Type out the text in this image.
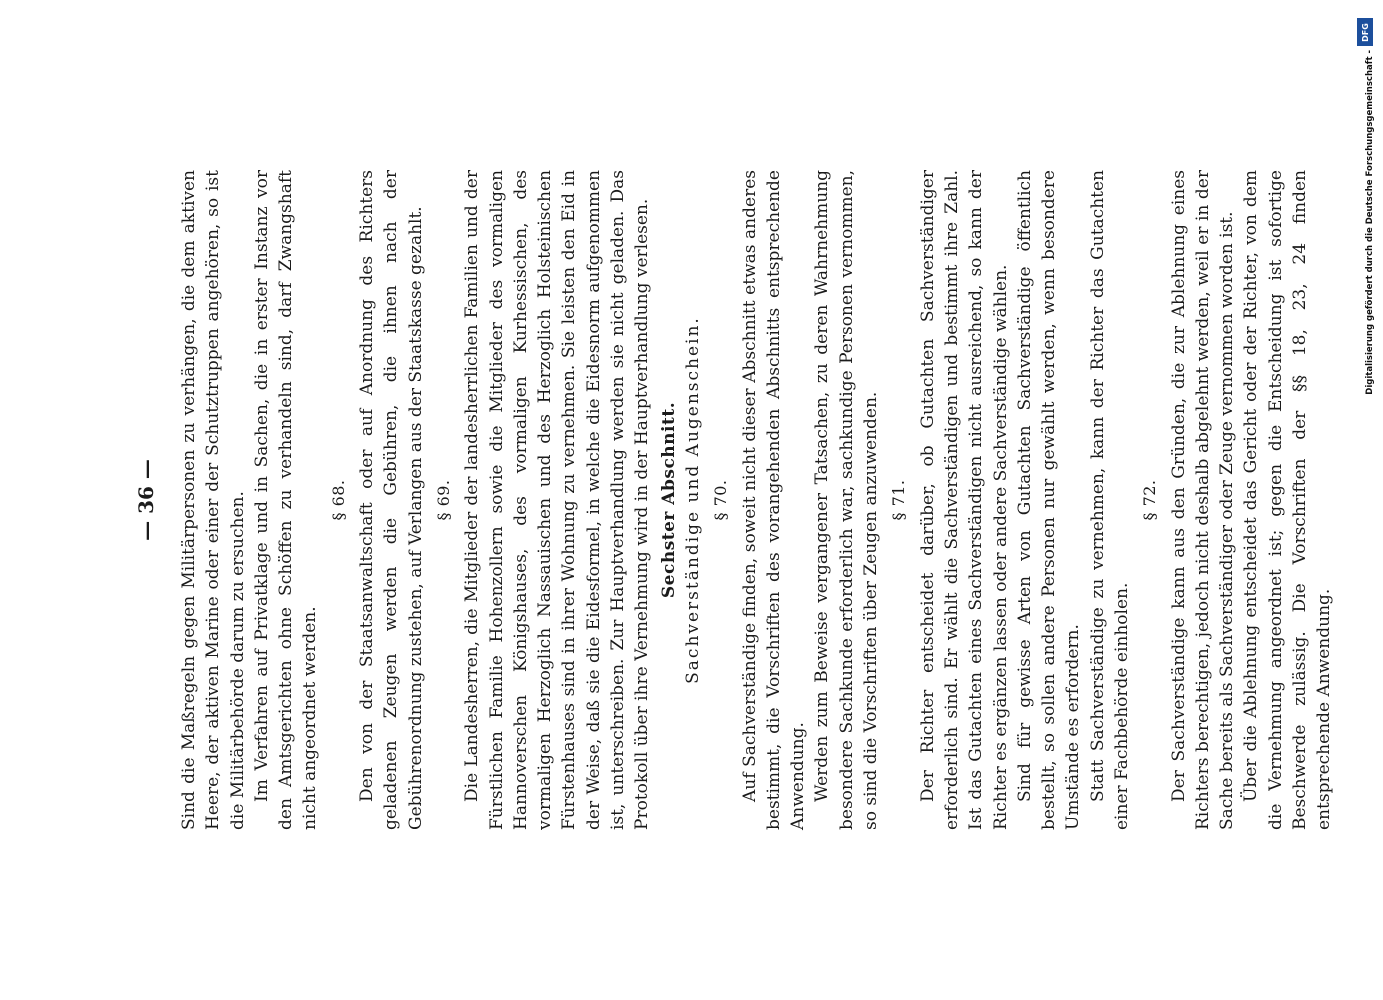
— 36 — Sind die Maßregeln gegen Militärpersonen zu verhängen, die dem aktiven Heere, der aktiven Marine oder einer der Schutztruppen angehören, so ist die Militärbehörde darum zu ersuchen. Im Verfahren auf Privatklage und in Sachen, die in erster Instanz vor den Amtsgerichten ohne Schöffen zu verhandeln sind, darf Zwangshaft nicht angeordnet werden.

§ 68. Den von der Staatsanwaltschaft oder auf Anordnung des Richters geladenen Zeugen werden die Gebühren, die ihnen nach der Gebührenordnung zustehen, auf Verlangen aus der Staatskasse gezahlt. § 69. Die Landesherren, die Mitglieder der landesherrlichen Familien und der Fürstlichen Familie Hohenzollern sowie die Mitglieder des vormaligen Hannoverschen Königshauses, des vormaligen Kurhessischen, des vormaligen Herzoglich Nassauischen und des Herzoglich Holsteinischen Fürstenhauses sind in ihrer Wohnung zu vernehmen. Sie leisten den Eid in der Weise, daß sie die Eidesformel, in welche die Eidesnorm aufgenommen ist, unterschreiben. Zur Hauptverhandlung werden sie nicht geladen. Das Protokoll über ihre Vernehmung wird in der Hauptverhandlung verlesen. Sechster Abschnitt. Sachverständige und Augenschein. § 70. Auf Sachverständige finden, soweit nicht dieser Abschnitt etwas anderes bestimmt, die Vorschriften des vorangehenden Abschnitts entsprechende Anwendung. Werden zum Beweise vergangener Tatsachen, zu deren Wahrnehmung besondere Sachkunde erforderlich war, sachkundige Personen vernommen, so sind die Vorschriften über Zeugen anzuwenden. § 71. Der Richter entscheidet darüber, ob Gutachten Sachverständiger erforderlich sind. Er wählt die Sachverständigen und bestimmt ihre Zahl. Ist das Gutachten eines Sachverständigen nicht ausreichend, so kann der Richter es ergänzen lassen oder andere Sachverständige wählen. Sind für gewisse Arten von Gutachten Sachverständige öffentlich bestellt, so sollen andere Personen nur gewählt werden, wenn besondere Umstände es erfordern. Statt Sachverständige zu vernehmen, kann der Richter das Gutachten einer Fachbehörde einholen.

§ 72. Der Sachverständige kann aus den Gründen, die zur Ablehnung eines Richters berechtigen, jedoch nicht deshalb abgelehnt werden, weil er in der Sache bereits als Sachverständiger oder Zeuge vernommen worden ist. Über die Ablehnung entscheidet das Gericht oder der Richter, von dem die Vernehmung angeordnet ist; gegen die Entscheidung ist sofortige Beschwerde zulässig. Die Vorschriften der §§ 18, 23, 24 finden entsprechende Anwendung.

DFG
Digitalisierung gefördert durch die Deutsche Forschungsgemeinschaft -
